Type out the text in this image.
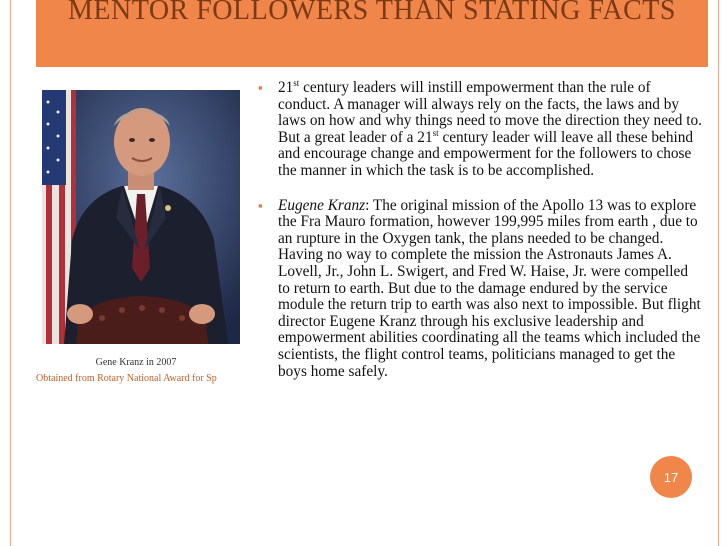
MENTOR FOLLOWERS THAN STATING FACTS

Gene Kranz in 2007

Obtained from Rotary National Award for Sp

▪ 21st century leaders will instill empowerment than the rule of conduct. A manager will always rely on the facts, the laws and by laws on how and why things need to move the direction they need to. But a great leader of a 21st century leader will leave all these behind and encourage change and empowerment for the followers to chose the manner in which the task is to be accomplished.

▪ Eugene Kranz: The original mission of the Apollo 13 was to explore the Fra Mauro formation, however 199,995 miles from earth , due to an rupture in the Oxygen tank, the plans needed to be changed. Having no way to complete the mission the Astronauts James A. Lovell, Jr., John L. Swigert, and Fred W. Haise, Jr. were compelled to return to earth. But due to the damage endured by the service module the return trip to earth was also next to impossible. But flight director Eugene Kranz through his exclusive leadership and empowerment abilities coordinating all the teams which included the scientists, the flight control teams, politicians managed to get the boys home safely.

17
